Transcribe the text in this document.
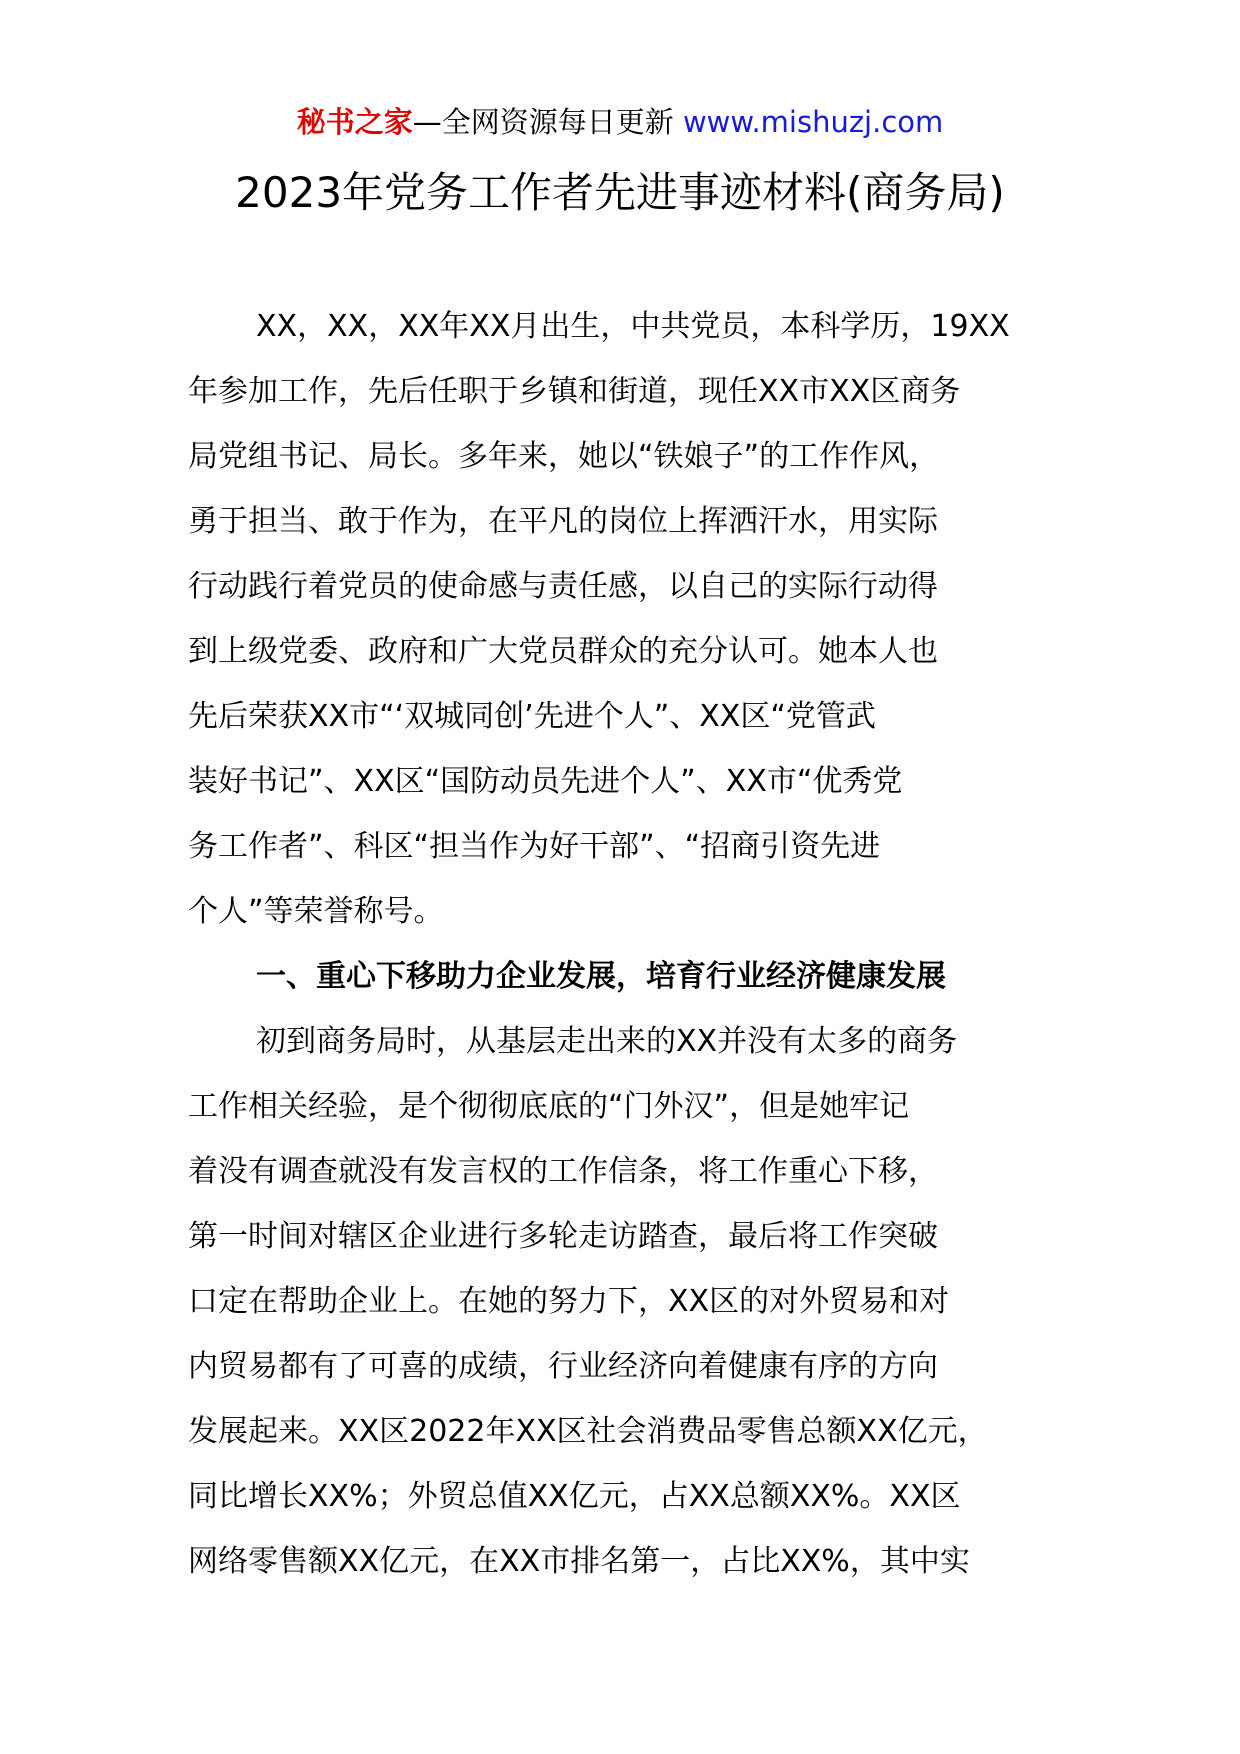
秘书之家—全网资源每日更新 www.mishuzj.com
2023年党务工作者先进事迹材料(商务局)
XX，XX，XX年XX月出生，中共党员，本科学历，19XX
年参加工作，先后任职于乡镇和街道，现任XX市XX区商务
局党组书记、局长。多年来，她以“铁娘子”的工作作风，
勇于担当、敢于作为，在平凡的岗位上挥洒汗水，用实际
行动践行着党员的使命感与责任感，以自己的实际行动得
到上级党委、政府和广大党员群众的充分认可。她本人也
先后荣获XX市“‘双城同创’先进个人”、XX区“党管武
装好书记”、XX区“国防动员先进个人”、XX市“优秀党
务工作者”、科区“担当作为好干部”、“招商引资先进
个人”等荣誉称号。
一、重心下移助力企业发展，培育行业经济健康发展
初到商务局时，从基层走出来的XX并没有太多的商务
工作相关经验，是个彻彻底底的“门外汉”，但是她牢记
着没有调查就没有发言权的工作信条，将工作重心下移，
第一时间对辖区企业进行多轮走访踏查，最后将工作突破
口定在帮助企业上。在她的努力下，XX区的对外贸易和对
内贸易都有了可喜的成绩，行业经济向着健康有序的方向
发展起来。XX区2022年XX区社会消费品零售总额XX亿元，
同比增长XX%；外贸总值XX亿元，占XX总额XX%。XX区
网络零售额XX亿元，在XX市排名第一，占比XX%，其中实
